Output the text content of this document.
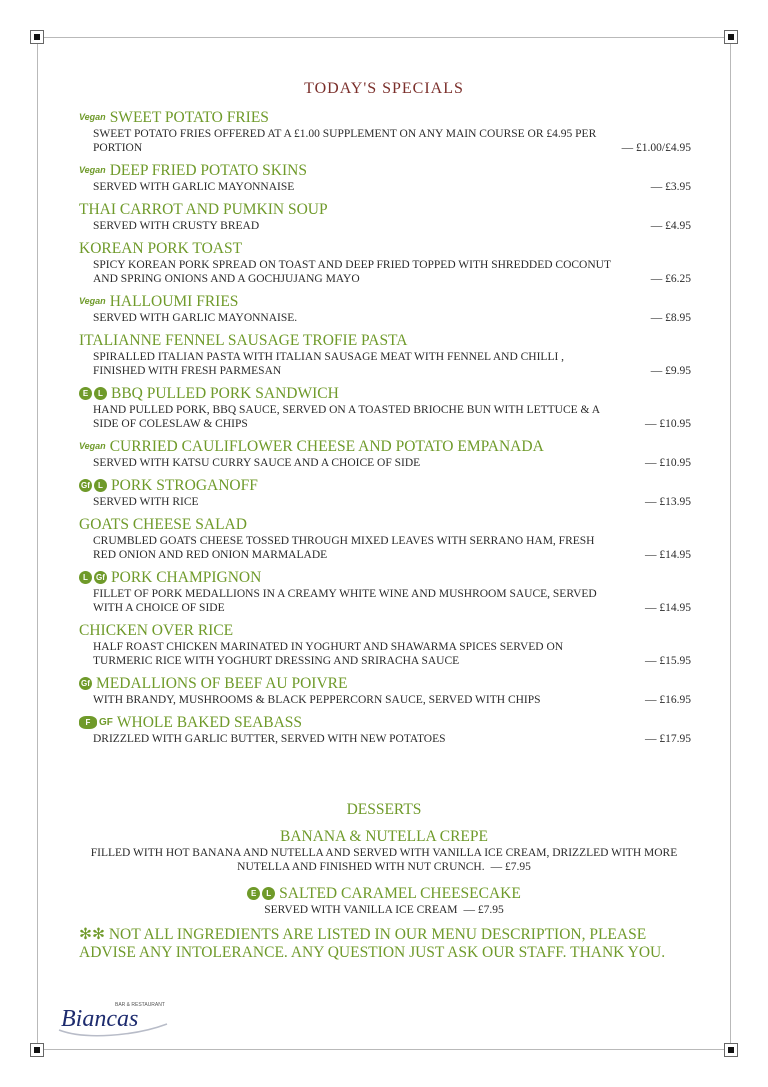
TODAY'S SPECIALS
Vegan SWEET POTATO FRIES
SWEET POTATO FRIES OFFERED AT A £1.00 SUPPLEMENT ON ANY MAIN COURSE OR £4.95 PER PORTION	— £1.00/£4.95
Vegan DEEP FRIED POTATO SKINS
SERVED WITH GARLIC MAYONNAISE	— £3.95
THAI CARROT AND PUMKIN SOUP
SERVED WITH CRUSTY BREAD	— £4.95
KOREAN PORK TOAST
SPICY KOREAN PORK SPREAD ON TOAST AND DEEP FRIED TOPPED WITH SHREDDED COCONUT AND SPRING ONIONS AND A GOCHJUJANG MAYO	— £6.25
Vegan HALLOUMI FRIES
SERVED WITH GARLIC MAYONNAISE.	— £8.95
ITALIANNE FENNEL SAUSAGE TROFIE PASTA
SPIRALLED ITALIAN PASTA WITH ITALIAN SAUSAGE MEAT WITH FENNEL AND CHILLI , FINISHED WITH FRESH PARMESAN	— £9.95
E	L BBQ PULLED PORK SANDWICH
HAND PULLED PORK, BBQ SAUCE, SERVED ON A TOASTED BRIOCHE BUN WITH LETTUCE & A SIDE OF COLESLAW & CHIPS	— £10.95
Vegan CURRIED CAULIFLOWER CHEESE AND POTATO EMPANADA
SERVED WITH KATSU CURRY SAUCE AND A CHOICE OF SIDE	— £10.95
Gf	L PORK STROGANOFF
SERVED WITH RICE	— £13.95
GOATS CHEESE SALAD
CRUMBLED GOATS CHEESE TOSSED THROUGH MIXED LEAVES WITH SERRANO HAM, FRESH RED ONION AND RED ONION MARMALADE	— £14.95
L	Gf PORK CHAMPIGNON
FILLET OF PORK MEDALLIONS IN A CREAMY WHITE WINE AND MUSHROOM SAUCE, SERVED WITH A CHOICE OF SIDE	— £14.95
CHICKEN OVER RICE
HALF ROAST CHICKEN MARINATED IN YOGHURT AND SHAWARMA SPICES SERVED ON TURMERIC RICE WITH YOGHURT DRESSING AND SRIRACHA SAUCE	— £15.95
Gf MEDALLIONS OF BEEF AU POIVRE
WITH BRANDY, MUSHROOMS & BLACK PEPPERCORN SAUCE, SERVED WITH CHIPS	— £16.95
F GF WHOLE BAKED SEABASS
DRIZZLED WITH GARLIC BUTTER, SERVED WITH NEW POTATOES	— £17.95
DESSERTS
BANANA & NUTELLA CREPE
FILLED WITH HOT BANANA AND NUTELLA AND SERVED WITH VANILLA ICE CREAM, DRIZZLED WITH MORE NUTELLA AND FINISHED WITH NUT CRUNCH. — £7.95
E	L SALTED CARAMEL CHEESECAKE
SERVED WITH VANILLA ICE CREAM — £7.95
✻✻ NOT ALL INGREDIENTS ARE LISTED IN OUR MENU DESCRIPTION, PLEASE ADVISE ANY INTOLERANCE. ANY QUESTION JUST ASK OUR STAFF. THANK YOU.
BAR & RESTAURANT
Biancas
